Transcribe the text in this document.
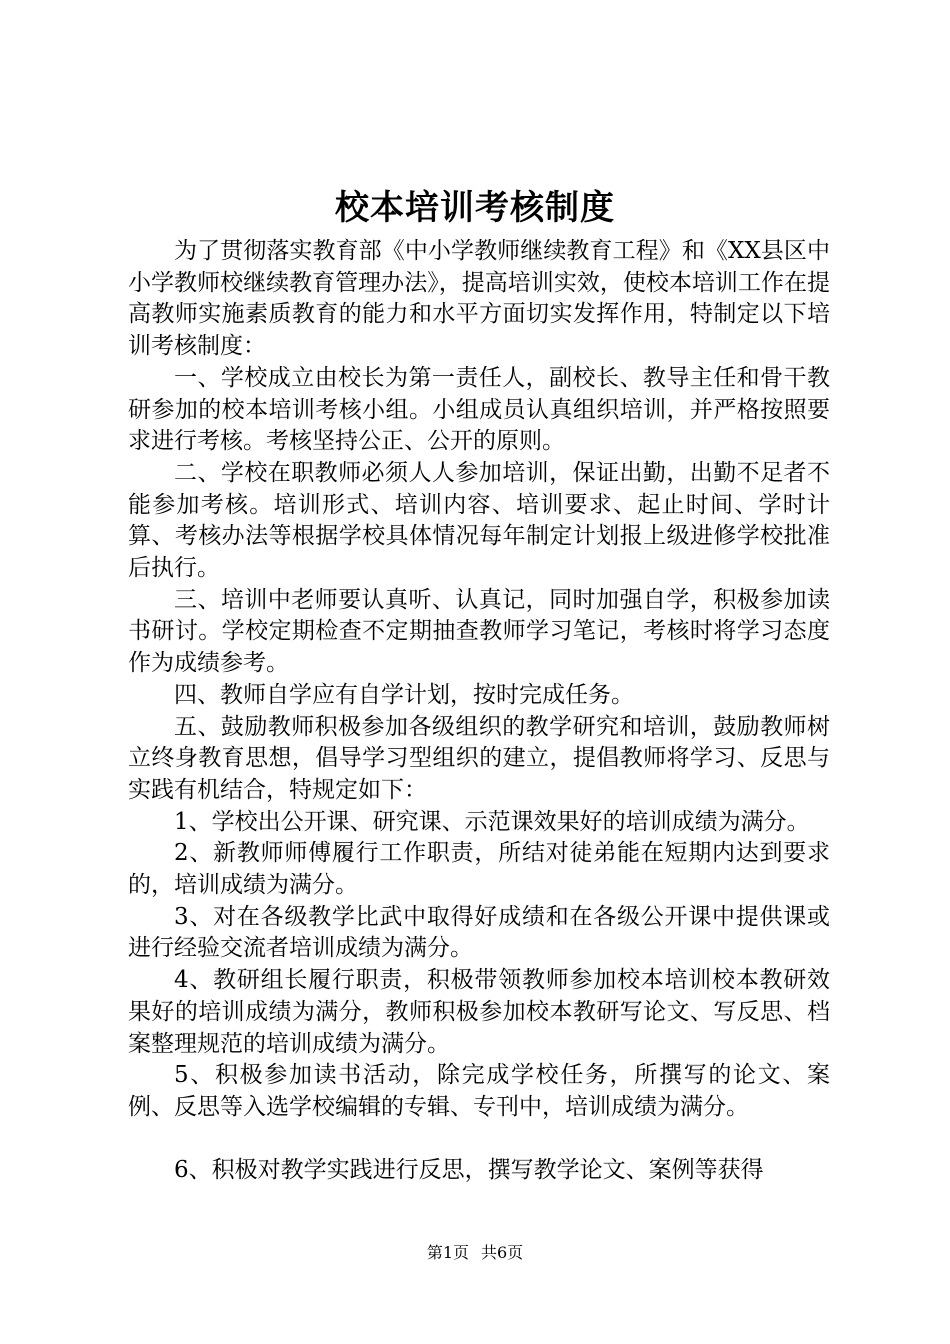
校本培训考核制度

为了贯彻落实教育部《中小学教师继续教育工程》和《XX县区中小学教师校继续教育管理办法》，提高培训实效，使校本培训工作在提高教师实施素质教育的能力和水平方面切实发挥作用，特制定以下培训考核制度：

一、学校成立由校长为第一责任人，副校长、教导主任和骨干教研参加的校本培训考核小组。小组成员认真组织培训，并严格按照要求进行考核。考核坚持公正、公开的原则。

二、学校在职教师必须人人参加培训，保证出勤，出勤不足者不能参加考核。培训形式、培训内容、培训要求、起止时间、学时计算、考核办法等根据学校具体情况每年制定计划报上级进修学校批准后执行。

三、培训中老师要认真听、认真记，同时加强自学，积极参加读书研讨。学校定期检查不定期抽查教师学习笔记，考核时将学习态度作为成绩参考。

四、教师自学应有自学计划，按时完成任务。

五、鼓励教师积极参加各级组织的教学研究和培训，鼓励教师树立终身教育思想，倡导学习型组织的建立，提倡教师将学习、反思与实践有机结合，特规定如下：

1、学校出公开课、研究课、示范课效果好的培训成绩为满分。

2、新教师师傅履行工作职责，所结对徒弟能在短期内达到要求的，培训成绩为满分。

3、对在各级教学比武中取得好成绩和在各级公开课中提供课或进行经验交流者培训成绩为满分。

4、教研组长履行职责，积极带领教师参加校本培训校本教研效果好的培训成绩为满分，教师积极参加校本教研写论文、写反思、档案整理规范的培训成绩为满分。

5、积极参加读书活动，除完成学校任务，所撰写的论文、案例、反思等入选学校编辑的专辑、专刊中，培训成绩为满分。

6、积极对教学实践进行反思，撰写教学论文、案例等获得

第1页 共6页
